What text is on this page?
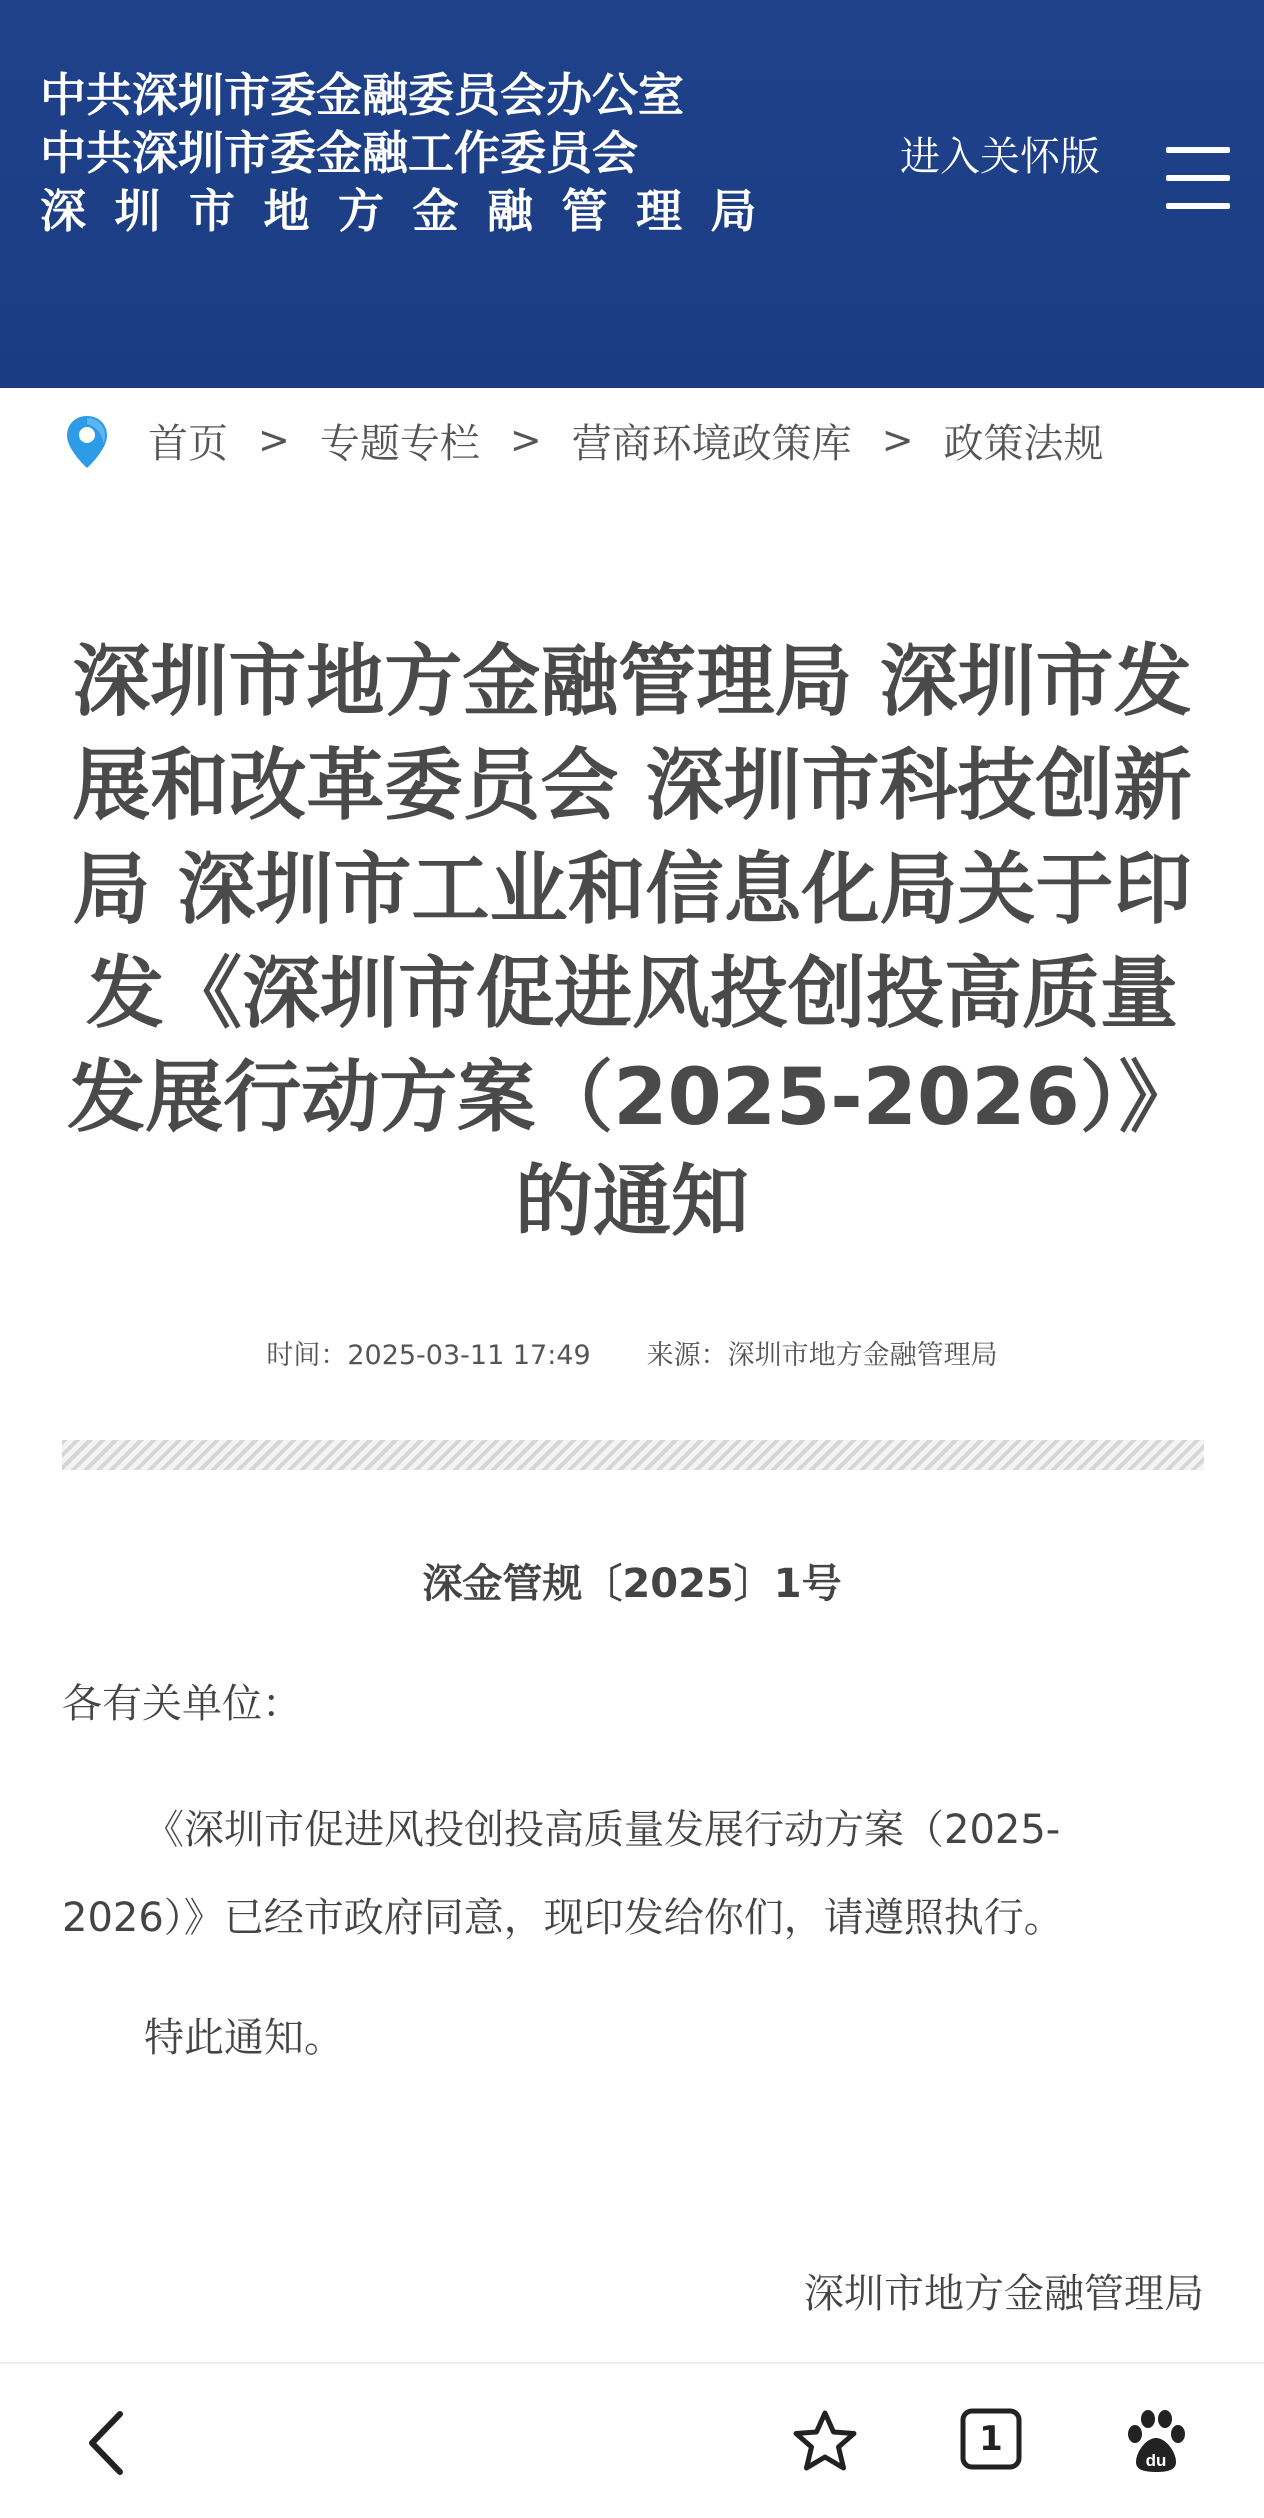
中共深圳市委金融委员会办公室
中共深圳市委金融工作委员会
深圳市地方金融管理局
进入关怀版
首页 > 专题专栏 > 营商环境政策库 > 政策法规
深圳市地方金融管理局 深圳市发展和改革委员会 深圳市科技创新局 深圳市工业和信息化局关于印发《深圳市促进风投创投高质量发展行动方案（2025-2026）》的通知
时间：2025-03-11 17:49 来源：深圳市地方金融管理局
深金管规〔2025〕1号

各有关单位：

《深圳市促进风投创投高质量发展行动方案（2025-2026）》已经市政府同意，现印发给你们，请遵照执行。

特此通知。

深圳市地方金融管理局
1
du
